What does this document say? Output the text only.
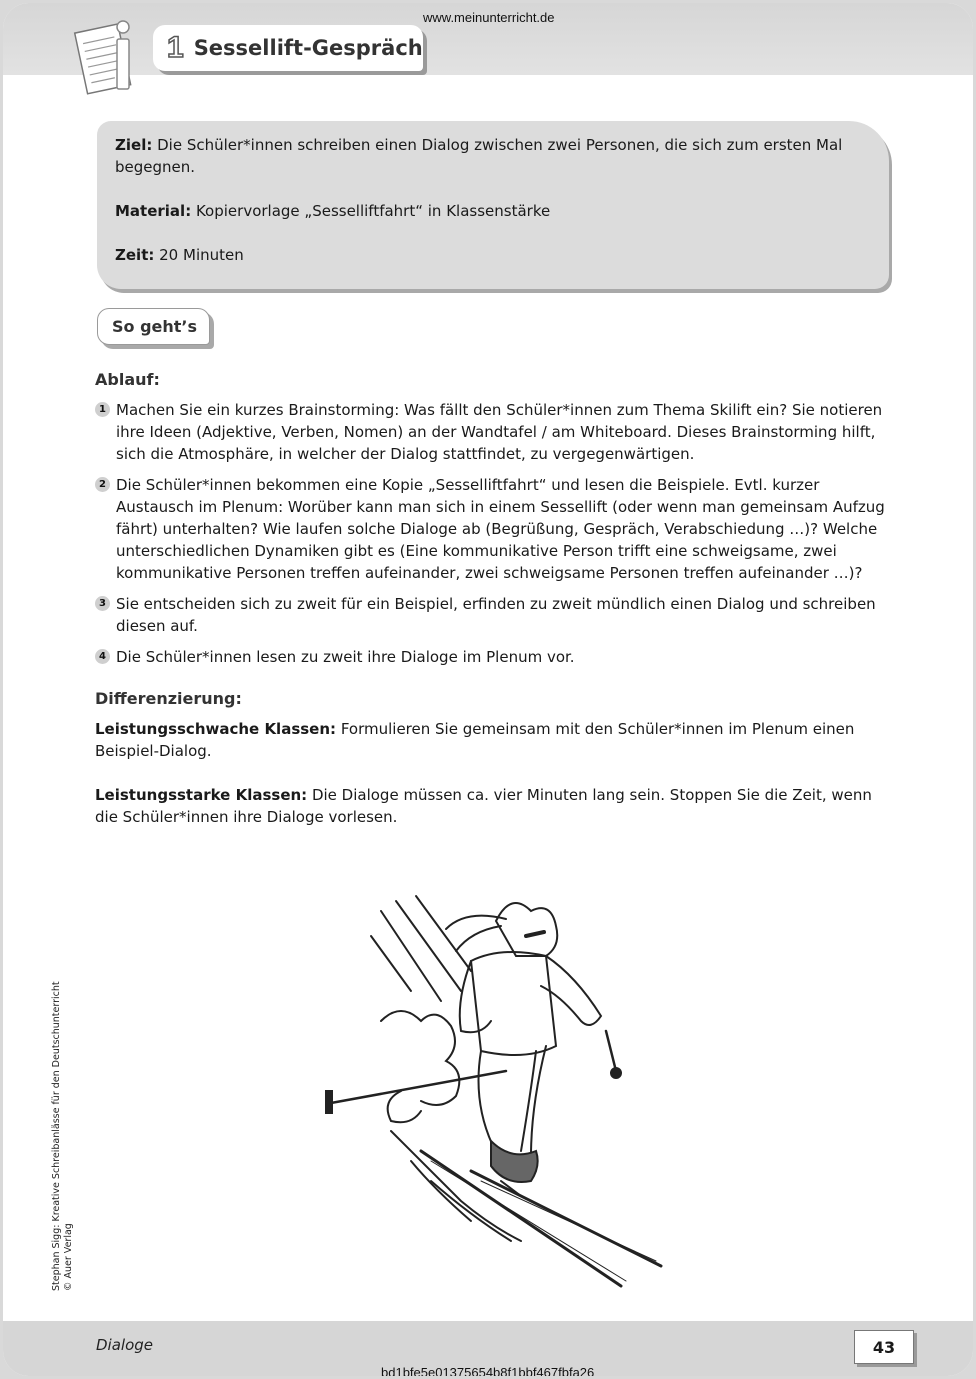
www.meinunterricht.de
1 Sessellift-Gespräch

Ziel: Die Schüler*innen schreiben einen Dialog zwischen zwei Personen, die sich zum ersten Mal begegnen.

Material: Kopiervorlage „Sesselliftfahrt“ in Klassenstärke

Zeit: 20 Minuten

So geht’s
Ablauf:
1 Machen Sie ein kurzes Brainstorming: Was fällt den Schüler*innen zum Thema Skilift ein? Sie notieren ihre Ideen (Adjektive, Verben, Nomen) an der Wandtafel / am Whiteboard. Dieses Brainstorming hilft, sich die Atmosphäre, in welcher der Dialog stattfindet, zu vergegenwärtigen.
2 Die Schüler*innen bekommen eine Kopie „Sesselliftfahrt“ und lesen die Beispiele. Evtl. kurzer Austausch im Plenum: Worüber kann man sich in einem Sessellift (oder wenn man gemeinsam Aufzug fährt) unterhalten? Wie laufen solche Dialoge ab (Begrüßung, Gespräch, Verabschiedung …)? Welche unterschiedlichen Dynamiken gibt es (Eine kommunikative Person trifft eine schweigsame, zwei kommunikative Personen treffen aufeinander, zwei schweigsame Personen treffen aufeinander …)?
3 Sie entscheiden sich zu zweit für ein Beispiel, erfinden zu zweit mündlich einen Dialog und schreiben diesen auf.
4 Die Schüler*innen lesen zu zweit ihre Dialoge im Plenum vor.
Differenzierung:
Leistungsschwache Klassen: Formulieren Sie gemeinsam mit den Schüler*innen im Plenum einen Beispiel-Dialog.
Leistungsstarke Klassen: Die Dialoge müssen ca. vier Minuten lang sein. Stoppen Sie die Zeit, wenn die Schüler*innen ihre Dialoge vorlesen.
Stephan Sigg: Kreative Schreibanlässe für den Deutschunterricht © Auer Verlag
Dialoge	43
bd1bfe5e01375654b8f1bbf467fbfa26
